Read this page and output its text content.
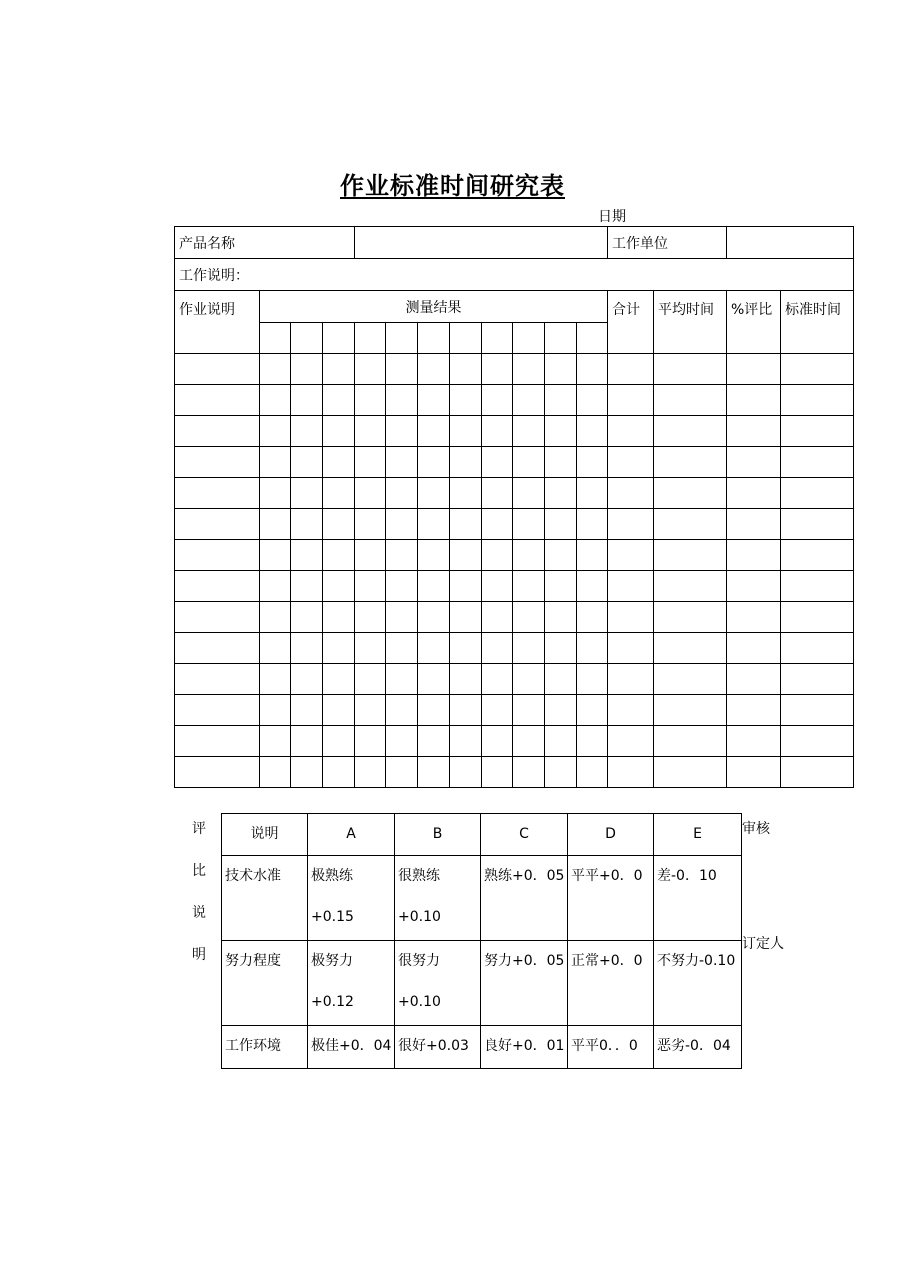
作业标准时间研究表
日期
产品名称												工作单位			
工作说明：															
作业说明	测量结果											合计	平均时间	%评比	标准时间

评
比
说
明
说明	A	B	C	D	E
技术水准	极熟练+0.15	很熟练+0.10	熟练+0．05	平平+0．0	差-0．10
努力程度	极努力+0.12	很努力+0.10	努力+0．05	正常+0．0	不努力-0.10
工作环境	极佳+0．04	很好+0.03	良好+0．01	平平0．．0	恶劣-0．04
审核
订定人
